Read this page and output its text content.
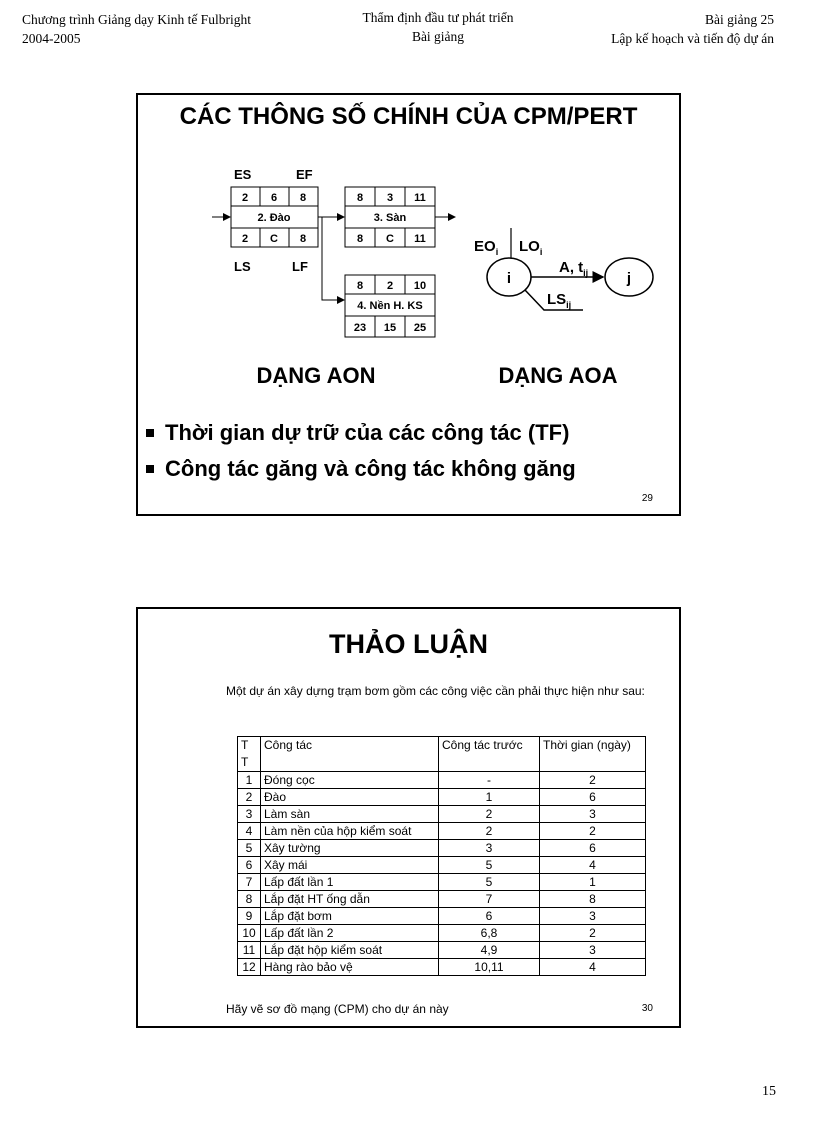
Chương trình Giảng dạy Kinh tế Fulbright
2004-2005
Thẩm định đầu tư phát triển
Bài giảng
Bài giảng 25
Lập kế hoạch và tiến độ dự án
CÁC THÔNG SỐ CHÍNH CỦA CPM/PERT
ES	EF
LS	LF
2 6 8
2. Đào
2 C 8
8 3 11
3. Sàn
8 C 11
8 2 10
4. Nền H. KS
23 15 25
$EO_i$ $LO_i$
i	j
A, $t_{ij}$
$LS_{ij}$
DẠNG AON	DẠNG AOA
Thời gian dự trữ của các công tác (TF)
Công tác găng và công tác không găng
29
THẢO LUẬN
Một dự án xây dựng trạm bơm gồm các công việc cần phải thực hiện như sau:
T
T	Công tác	Công tác trước	Thời gian (ngày)
1	Đóng cọc	-	2
2	Đào	1	6
3	Làm sàn	2	3
4	Làm nền của hộp kiểm soát	2	2
5	Xây tường	3	6
6	Xây mái	5	4
7	Lấp đất lần 1	5	1
8	Lắp đặt HT ống dẫn	7	8
9	Lắp đặt bơm	6	3
10	Lấp đất lần 2	6,8	2
11	Lắp đặt hộp kiểm soát	4,9	3
12	Hàng rào bảo vệ	10,11	4
Hãy vẽ sơ đồ mạng (CPM) cho dự án này	30
15
